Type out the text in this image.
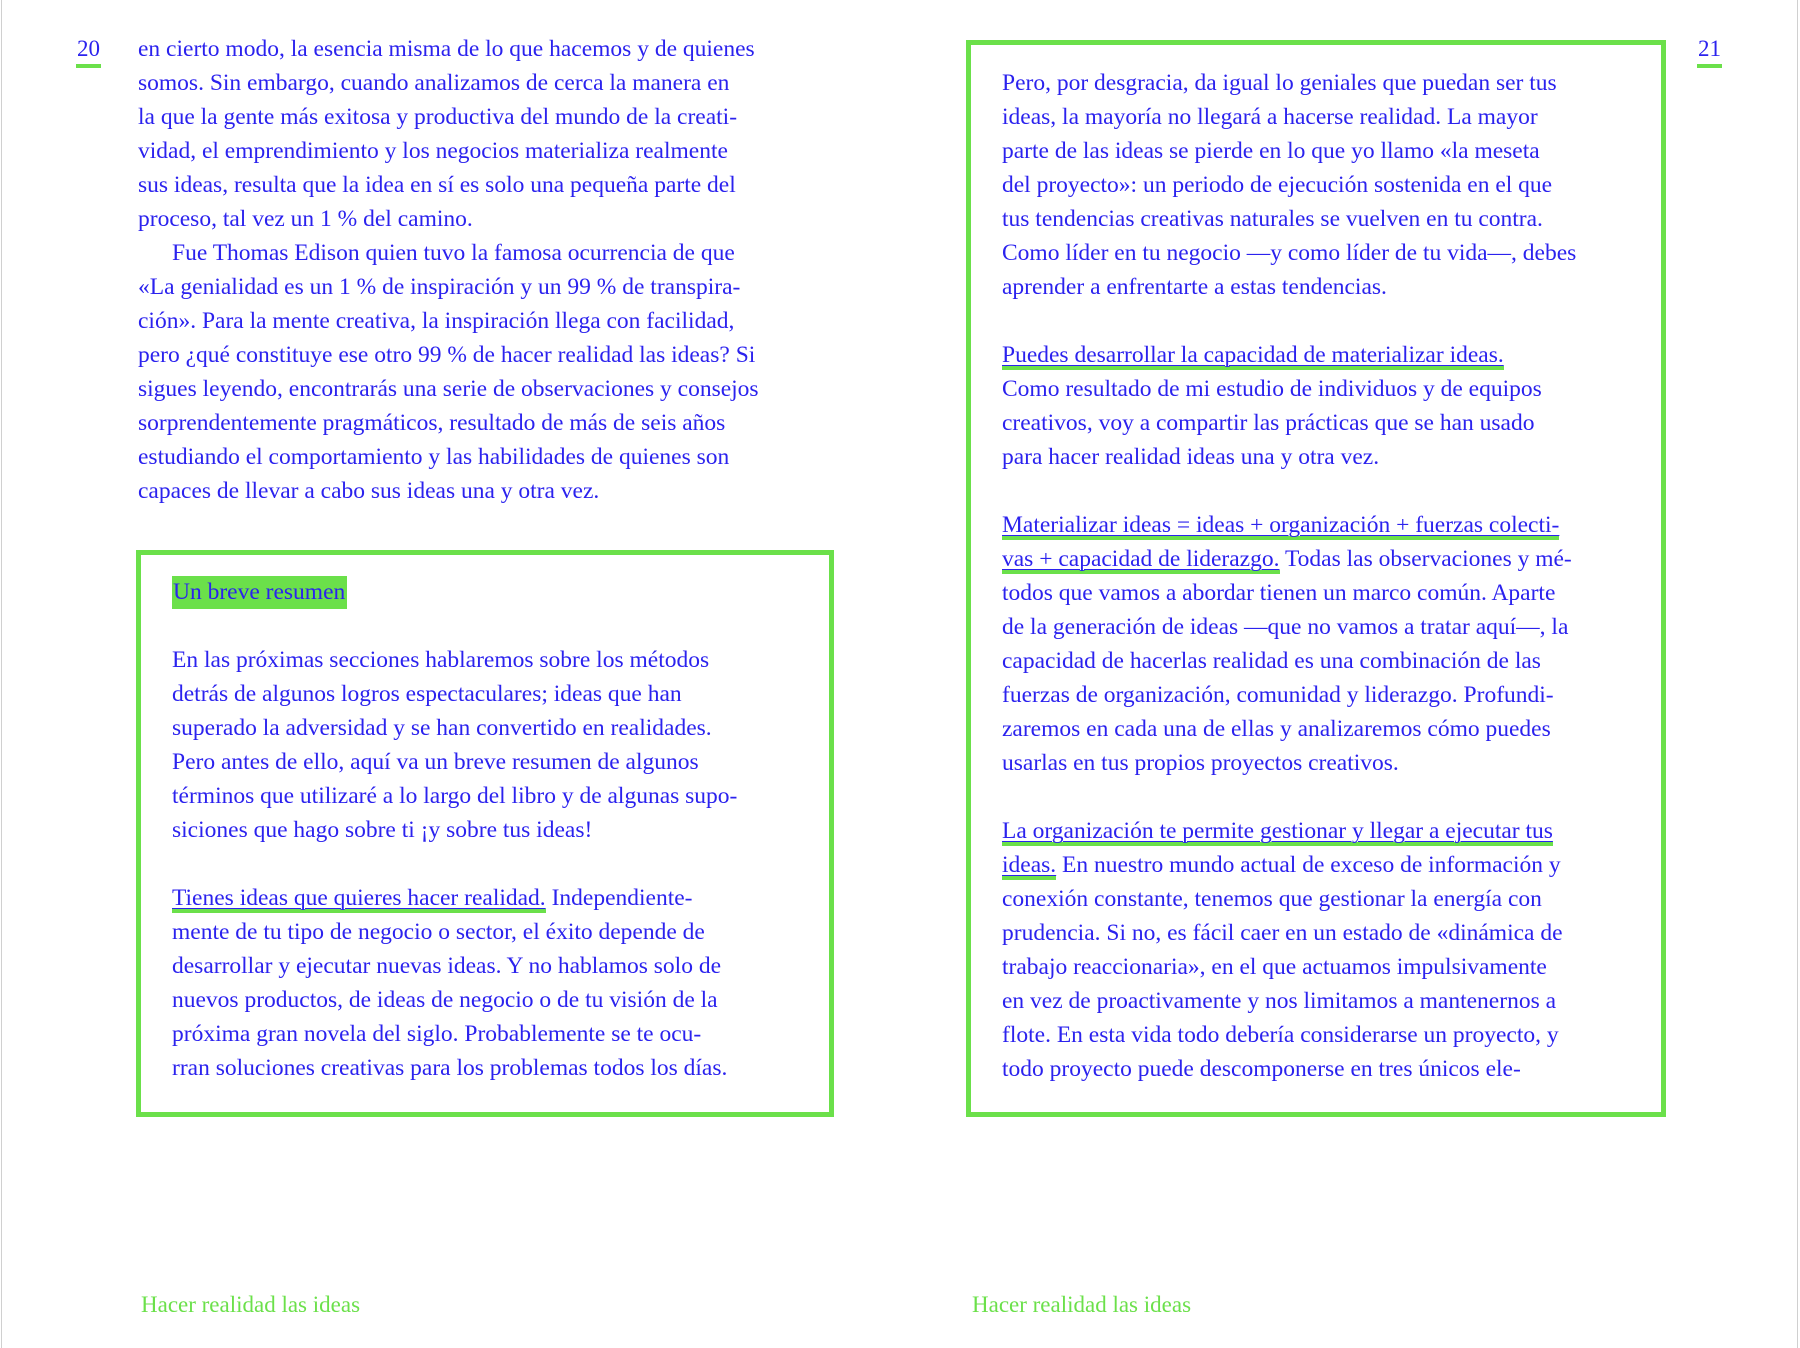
20 en cierto modo, la esencia misma de lo que hacemos y de quienes
somos. Sin embargo, cuando analizamos de cerca la manera en
la que la gente más exitosa y productiva del mundo de la creati-
vidad, el emprendimiento y los negocios materializa realmente
sus ideas, resulta que la idea en sí es solo una pequeña parte del
proceso, tal vez un 1 % del camino.
Fue Thomas Edison quien tuvo la famosa ocurrencia de que
«La genialidad es un 1 % de inspiración y un 99 % de transpira-
ción». Para la mente creativa, la inspiración llega con facilidad,
pero ¿qué constituye ese otro 99 % de hacer realidad las ideas? Si
sigues leyendo, encontrarás una serie de observaciones y consejos
sorprendentemente pragmáticos, resultado de más de seis años
estudiando el comportamiento y las habilidades de quienes son
capaces de llevar a cabo sus ideas una y otra vez.
Un breve resumen
En las próximas secciones hablaremos sobre los métodos
detrás de algunos logros espectaculares; ideas que han
superado la adversidad y se han convertido en realidades.
Pero antes de ello, aquí va un breve resumen de algunos
términos que utilizaré a lo largo del libro y de algunas supo-
siciones que hago sobre ti ¡y sobre tus ideas!
Tienes ideas que quieres hacer realidad. Independiente-
mente de tu tipo de negocio o sector, el éxito depende de
desarrollar y ejecutar nuevas ideas. Y no hablamos solo de
nuevos productos, de ideas de negocio o de tu visión de la
próxima gran novela del siglo. Probablemente se te ocu-
rran soluciones creativas para los problemas todos los días.
Hacer realidad las ideas
21
Pero, por desgracia, da igual lo geniales que puedan ser tus
ideas, la mayoría no llegará a hacerse realidad. La mayor
parte de las ideas se pierde en lo que yo llamo «la meseta
del proyecto»: un periodo de ejecución sostenida en el que
tus tendencias creativas naturales se vuelven en tu contra.
Como líder en tu negocio —y como líder de tu vida—, debes
aprender a enfrentarte a estas tendencias.
Puedes desarrollar la capacidad de materializar ideas.
Como resultado de mi estudio de individuos y de equipos
creativos, voy a compartir las prácticas que se han usado
para hacer realidad ideas una y otra vez.
Materializar ideas = ideas + organización + fuerzas colecti-
vas + capacidad de liderazgo. Todas las observaciones y mé-
todos que vamos a abordar tienen un marco común. Aparte
de la generación de ideas —que no vamos a tratar aquí—, la
capacidad de hacerlas realidad es una combinación de las
fuerzas de organización, comunidad y liderazgo. Profundi-
zaremos en cada una de ellas y analizaremos cómo puedes
usarlas en tus propios proyectos creativos.
La organización te permite gestionar y llegar a ejecutar tus
ideas. En nuestro mundo actual de exceso de información y
conexión constante, tenemos que gestionar la energía con
prudencia. Si no, es fácil caer en un estado de «dinámica de
trabajo reaccionaria», en el que actuamos impulsivamente
en vez de proactivamente y nos limitamos a mantenernos a
flote. En esta vida todo debería considerarse un proyecto, y
todo proyecto puede descomponerse en tres únicos ele-
Hacer realidad las ideas
